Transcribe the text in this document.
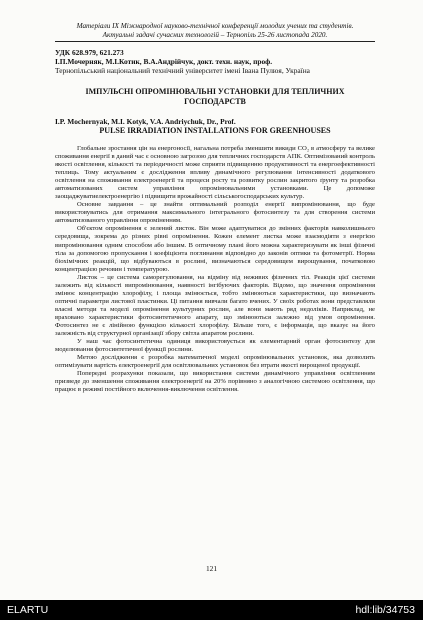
Матеріали IX Міжнародної науково-технічної конференції молодих учених та студентів.
Актуальні задачі сучасних технологій – Тернопіль 25-26 листопада 2020.
УДК 628.979, 621.273
І.П.Мочерняк, М.І.Котик, В.А.Андрійчук, докт. техн. наук, проф.
Тернопільський національний технічний університет імені Івана Пулюя, Україна
ІМПУЛЬСНІ ОПРОМІНЮВАЛЬНІ УСТАНОВКИ ДЛЯ ТЕПЛИЧНИХ ГОСПОДАРСТВ
I.P. Mochernyak, M.I. Kotyk, V.A. Andriychuk, Dr., Prof.
PULSE IRRADIATION INSTALLATIONS FOR GREENHOUSES

Глобальне зростання цін на енергоносії, нагальна потреба зменшити викиди CO₂ в атмосферу та велике споживання енергії в даний час є основною загрозою для тепличних господарств АПК. Оптимізований контроль якості освітлення, кількості та періодичності може сприяти підвищенню продуктивності та енергоефективності теплиць. Тому актуальним є дослідження впливу динамічного регулювання інтенсивності додаткового освітлення на споживання електроенергії та процеси росту та розвитку рослин закритого ґрунту та розробка автоматизованих систем управління опромінювальними установками. Це допоможе заощаджуватиелектроенергію і підвищити врожайності сільськогосподарських культур.

Основне завдання – це знайти оптимальний розподіл енергії випромінювання, що буде використовуватись для отримання максимального інтегрального фотосинтезу та для створення системи автоматизованого управління опроміненням.

Об'єктом опромінення є зелений листок. Він може адаптуватися до змінних факторів навколишнього середовища, зокрема до різних рівні опромінення. Кожен елемент листка може взаємодіяти з енергією випромінювання одним способом або іншим. В оптичному плані його можна характеризувати як інші фізичні тіла за допомогою пропускання і коефіцієнта поглинання відповідно до законів оптики та фотометрії. Норма біохімічних реакцій, що відбуваються в рослині, визначаються середовищем вирощування, початковою концентрацією речовин і температурою.

Листок – це система саморегулювання, на відміну від неживих фізичних тіл. Реакція цієї системи залежить від кількості випромінювання, наявності інгібуючих факторів. Відомо, що значення опромінення змінює концентрацію хлорофілу, і площа змінюється, тобто змінюються характеристики, що визначають оптичні параметри листової пластинки. Ці питання вивчали багато вчених. У своїх роботах вони представляли власні методи та моделі опромінення культурних рослин, але вони мають ряд недоліків. Наприклад, не враховано характеристики фотосинтетичного апарату, що змінюються залежно від умов опромінення. Фотосинтез не є лінійною функцією кількості хлорофілу. Більше того, є інформація, що вказує на його залежність від структурної організації збору світла апаратом рослини.

У наш час фотосинтетична одиниця використовується як елементарний орган фотосинтезу для моделювання фотосинтетичної функції рослини.

Метою дослідження є розробка математичної моделі опромінювальних установок, яка дозволить оптимізувати вартість електроенергії для освітлювальних установок без втрати якості вирощеної продукції.

Попередні розрахунки показали, що використання системи динамічного управління освітленням призведе до зменшення споживання електроенергії на 20% порівняно з аналогічною системою освітлення, що працює в режимі постійного включення-виключення освітлення.

121
ELARTU	hdl:lib/34753
